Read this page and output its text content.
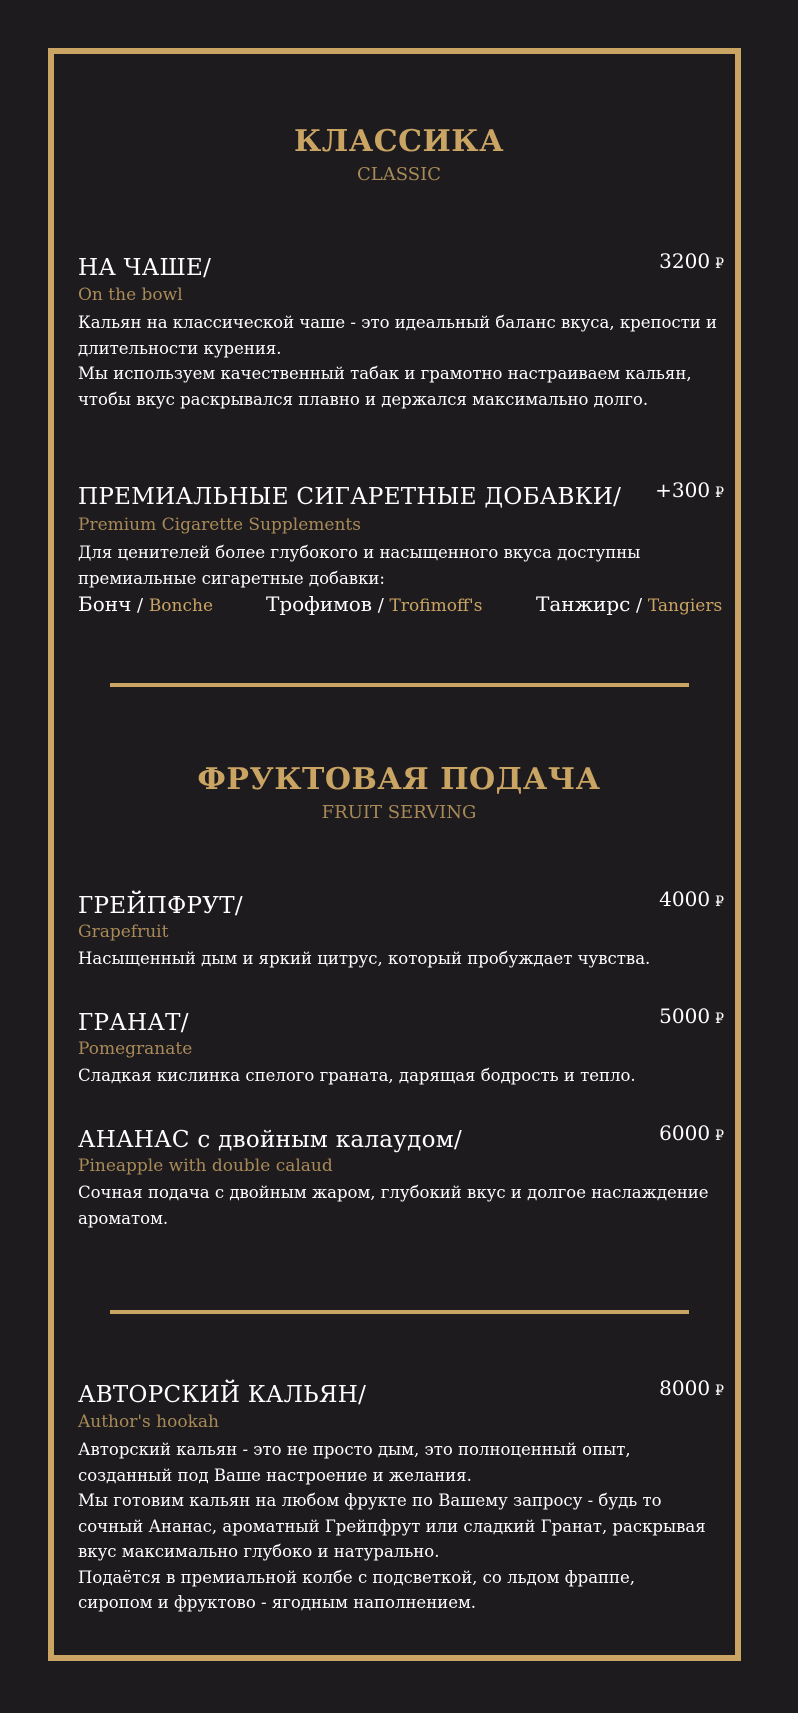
КЛАССИКА
CLASSIC
НА ЧАШЕ/	3200 ₽
On the bowl
Кальян на классической чаше - это идеальный баланс вкуса, крепости и
длительности курения.
Мы используем качественный табак и грамотно настраиваем кальян,
чтобы вкус раскрывался плавно и держался максимально долго.
ПРЕМИАЛЬНЫЕ СИГАРЕТНЫЕ ДОБАВКИ/ +300 ₽
Premium Cigarette Supplements
Для ценителей более глубокого и насыщенного вкуса доступны
премиальные сигаретные добавки:
Бонч / Bonche	Трофимов / Trofimoff's	Танжирс / Tangiers
ФРУКТОВАЯ ПОДАЧА
FRUIT SERVING
ГРЕЙПФРУТ/	4000 ₽
Grapefruit
Насыщенный дым и яркий цитрус, который пробуждает чувства.
ГРАНАТ/	5000 ₽
Pomegranate
Сладкая кислинка спелого граната, дарящая бодрость и тепло.
АНАНАС с двойным калаудом/	6000 ₽
Pineapple with double calaud
Сочная подача с двойным жаром, глубокий вкус и долгое наслаждение
ароматом.
АВТОРСКИЙ КАЛЬЯН/	8000 ₽
Author's hookah
Авторский кальян - это не просто дым, это полноценный опыт,
созданный под Ваше настроение и желания.
Мы готовим кальян на любом фрукте по Вашему запросу - будь то
сочный Ананас, ароматный Грейпфрут или сладкий Гранат, раскрывая
вкус максимально глубоко и натурально.
Подаётся в премиальной колбе с подсветкой, со льдом фраппе,
сиропом и фруктово - ягодным наполнением.
